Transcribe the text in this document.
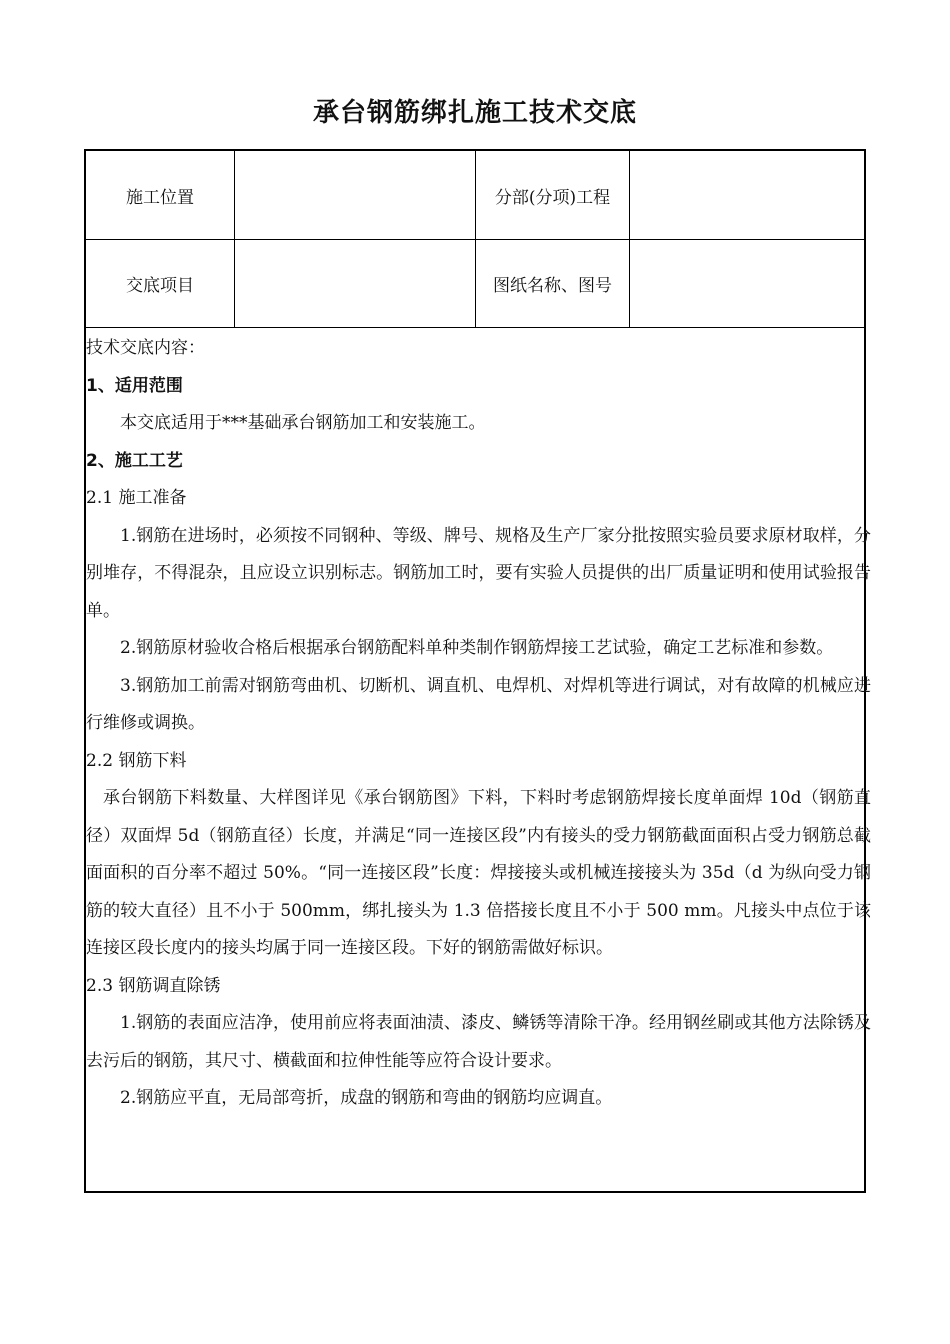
承台钢筋绑扎施工技术交底
施工位置	分部(分项)工程
交底项目	图纸名称、图号
技术交底内容：
1、适用范围
本交底适用于***基础承台钢筋加工和安装施工。
2、施工工艺
2.1 施工准备
1.钢筋在进场时，必须按不同钢种、等级、牌号、规格及生产厂家分批按照实验员要求原材取样，分别堆存，不得混杂，且应设立识别标志。钢筋加工时，要有实验人员提供的出厂质量证明和使用试验报告单。
2.钢筋原材验收合格后根据承台钢筋配料单种类制作钢筋焊接工艺试验，确定工艺标准和参数。
3.钢筋加工前需对钢筋弯曲机、切断机、调直机、电焊机、对焊机等进行调试，对有故障的机械应进行维修或调换。
2.2 钢筋下料
承台钢筋下料数量、大样图详见《承台钢筋图》下料，下料时考虑钢筋焊接长度单面焊 10d（钢筋直径）双面焊 5d（钢筋直径）长度，并满足“同一连接区段”内有接头的受力钢筋截面面积占受力钢筋总截面面积的百分率不超过 50%。“同一连接区段”长度：焊接接头或机械连接接头为 35d（d 为纵向受力钢筋的较大直径）且不小于 500mm，绑扎接头为 1.3 倍搭接长度且不小于 500 mm。凡接头中点位于该连接区段长度内的接头均属于同一连接区段。下好的钢筋需做好标识。
2.3 钢筋调直除锈
1.钢筋的表面应洁净，使用前应将表面油渍、漆皮、鳞锈等清除干净。经用钢丝刷或其他方法除锈及去污后的钢筋，其尺寸、横截面和拉伸性能等应符合设计要求。
2.钢筋应平直，无局部弯折，成盘的钢筋和弯曲的钢筋均应调直。
